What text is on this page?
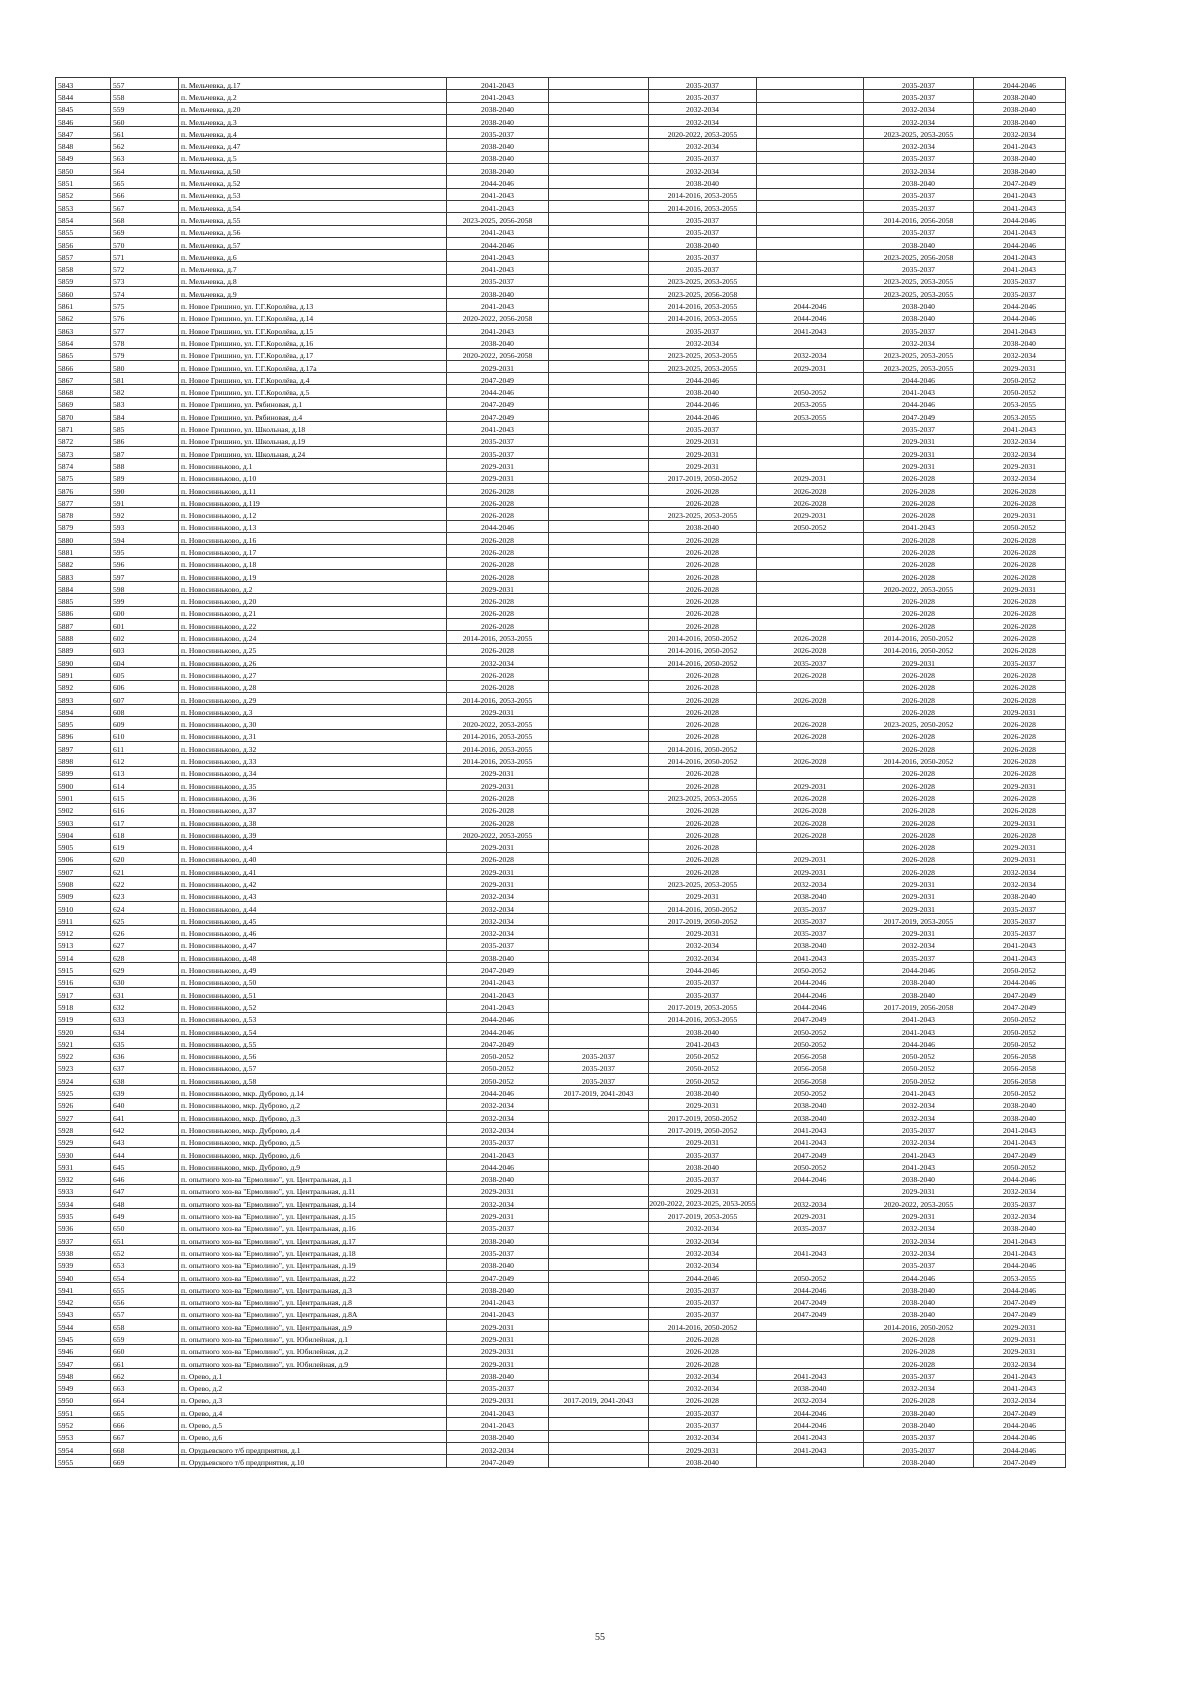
5843	557	п. Мельчевка, д.17	2041-2043		2035-2037		2035-2037	2044-2046
5844	558	п. Мельчевка, д.2	2041-2043		2035-2037		2035-2037	2038-2040
5845	559	п. Мельчевка, д.20	2038-2040		2032-2034		2032-2034	2038-2040
5846	560	п. Мельчевка, д.3	2038-2040		2032-2034		2032-2034	2038-2040
5847	561	п. Мельчевка, д.4	2035-2037		2020-2022, 2053-2055		2023-2025, 2053-2055	2032-2034
5848	562	п. Мельчевка, д.47	2038-2040		2032-2034		2032-2034	2041-2043
5849	563	п. Мельчевка, д.5	2038-2040		2035-2037		2035-2037	2038-2040
5850	564	п. Мельчевка, д.50	2038-2040		2032-2034		2032-2034	2038-2040
5851	565	п. Мельчевка, д.52	2044-2046		2038-2040		2038-2040	2047-2049
5852	566	п. Мельчевка, д.53	2041-2043		2014-2016, 2053-2055		2035-2037	2041-2043
5853	567	п. Мельчевка, д.54	2041-2043		2014-2016, 2053-2055		2035-2037	2041-2043
5854	568	п. Мельчевка, д.55	2023-2025, 2056-2058		2035-2037		2014-2016, 2056-2058	2044-2046
5855	569	п. Мельчевка, д.56	2041-2043		2035-2037		2035-2037	2041-2043
5856	570	п. Мельчевка, д.57	2044-2046		2038-2040		2038-2040	2044-2046
5857	571	п. Мельчевка, д.6	2041-2043		2035-2037		2023-2025, 2056-2058	2041-2043
5858	572	п. Мельчевка, д.7	2041-2043		2035-2037		2035-2037	2041-2043
5859	573	п. Мельчевка, д.8	2035-2037		2023-2025, 2053-2055		2023-2025, 2053-2055	2035-2037
5860	574	п. Мельчевка, д.9	2038-2040		2023-2025, 2056-2058		2023-2025, 2053-2055	2035-2037
5861	575	п. Новое Гришино, ул. Г.Г.Королёва, д.13	2041-2043		2014-2016, 2053-2055	2044-2046	2038-2040	2044-2046
5862	576	п. Новое Гришино, ул. Г.Г.Королёва, д.14	2020-2022, 2056-2058		2014-2016, 2053-2055	2044-2046	2038-2040	2044-2046
5863	577	п. Новое Гришино, ул. Г.Г.Королёва, д.15	2041-2043		2035-2037	2041-2043	2035-2037	2041-2043
5864	578	п. Новое Гришино, ул. Г.Г.Королёва, д.16	2038-2040		2032-2034		2032-2034	2038-2040
5865	579	п. Новое Гришино, ул. Г.Г.Королёва, д.17	2020-2022, 2056-2058		2023-2025, 2053-2055	2032-2034	2023-2025, 2053-2055	2032-2034
5866	580	п. Новое Гришино, ул. Г.Г.Королёва, д.17а	2029-2031		2023-2025, 2053-2055	2029-2031	2023-2025, 2053-2055	2029-2031
5867	581	п. Новое Гришино, ул. Г.Г.Королёва, д.4	2047-2049		2044-2046		2044-2046	2050-2052
5868	582	п. Новое Гришино, ул. Г.Г.Королёва, д.5	2044-2046		2038-2040	2050-2052	2041-2043	2050-2052
5869	583	п. Новое Гришино, ул. Рябиновая, д.1	2047-2049		2044-2046	2053-2055	2044-2046	2053-2055
5870	584	п. Новое Гришино, ул. Рябиновая, д.4	2047-2049		2044-2046	2053-2055	2047-2049	2053-2055
5871	585	п. Новое Гришино, ул. Школьная, д.18	2041-2043		2035-2037		2035-2037	2041-2043
5872	586	п. Новое Гришино, ул. Школьная, д.19	2035-2037		2029-2031		2029-2031	2032-2034
5873	587	п. Новое Гришино, ул. Школьная, д.24	2035-2037		2029-2031		2029-2031	2032-2034
5874	588	п. Новосинньково, д.1	2029-2031		2029-2031		2029-2031	2029-2031
5875	589	п. Новосинньково, д.10	2029-2031		2017-2019, 2050-2052	2029-2031	2026-2028	2032-2034
5876	590	п. Новосинньково, д.11	2026-2028		2026-2028	2026-2028	2026-2028	2026-2028
5877	591	п. Новосинньково, д.119	2026-2028		2026-2028	2026-2028	2026-2028	2026-2028
5878	592	п. Новосинньково, д.12	2026-2028		2023-2025, 2053-2055	2029-2031	2026-2028	2029-2031
5879	593	п. Новосинньково, д.13	2044-2046		2038-2040	2050-2052	2041-2043	2050-2052
5880	594	п. Новосинньково, д.16	2026-2028		2026-2028		2026-2028	2026-2028
5881	595	п. Новосинньково, д.17	2026-2028		2026-2028		2026-2028	2026-2028
5882	596	п. Новосинньково, д.18	2026-2028		2026-2028		2026-2028	2026-2028
5883	597	п. Новосинньково, д.19	2026-2028		2026-2028		2026-2028	2026-2028
5884	598	п. Новосинньково, д.2	2029-2031		2026-2028		2020-2022, 2053-2055	2029-2031
5885	599	п. Новосинньково, д.20	2026-2028		2026-2028		2026-2028	2026-2028
5886	600	п. Новосинньково, д.21	2026-2028		2026-2028		2026-2028	2026-2028
5887	601	п. Новосинньково, д.22	2026-2028		2026-2028		2026-2028	2026-2028
5888	602	п. Новосинньково, д.24	2014-2016, 2053-2055		2014-2016, 2050-2052	2026-2028	2014-2016, 2050-2052	2026-2028
5889	603	п. Новосинньково, д.25	2026-2028		2014-2016, 2050-2052	2026-2028	2014-2016, 2050-2052	2026-2028
5890	604	п. Новосинньково, д.26	2032-2034		2014-2016, 2050-2052	2035-2037	2029-2031	2035-2037
5891	605	п. Новосинньково, д.27	2026-2028		2026-2028	2026-2028	2026-2028	2026-2028
5892	606	п. Новосинньково, д.28	2026-2028		2026-2028		2026-2028	2026-2028
5893	607	п. Новосинньково, д.29	2014-2016, 2053-2055		2026-2028	2026-2028	2026-2028	2026-2028
5894	608	п. Новосинньково, д.3	2029-2031		2026-2028		2026-2028	2029-2031
5895	609	п. Новосинньково, д.30	2020-2022, 2053-2055		2026-2028	2026-2028	2023-2025, 2050-2052	2026-2028
5896	610	п. Новосинньково, д.31	2014-2016, 2053-2055		2026-2028	2026-2028	2026-2028	2026-2028
5897	611	п. Новосинньково, д.32	2014-2016, 2053-2055		2014-2016, 2050-2052		2026-2028	2026-2028
5898	612	п. Новосинньково, д.33	2014-2016, 2053-2055		2014-2016, 2050-2052	2026-2028	2014-2016, 2050-2052	2026-2028
5899	613	п. Новосинньково, д.34	2029-2031		2026-2028		2026-2028	2026-2028
5900	614	п. Новосинньково, д.35	2029-2031		2026-2028	2029-2031	2026-2028	2029-2031
5901	615	п. Новосинньково, д.36	2026-2028		2023-2025, 2053-2055	2026-2028	2026-2028	2026-2028
5902	616	п. Новосинньково, д.37	2026-2028		2026-2028	2026-2028	2026-2028	2026-2028
5903	617	п. Новосинньково, д.38	2026-2028		2026-2028	2026-2028	2026-2028	2029-2031
5904	618	п. Новосинньково, д.39	2020-2022, 2053-2055		2026-2028	2026-2028	2026-2028	2026-2028
5905	619	п. Новосинньково, д.4	2029-2031		2026-2028		2026-2028	2029-2031
5906	620	п. Новосинньково, д.40	2026-2028		2026-2028	2029-2031	2026-2028	2029-2031
5907	621	п. Новосинньково, д.41	2029-2031		2026-2028	2029-2031	2026-2028	2032-2034
5908	622	п. Новосинньково, д.42	2029-2031		2023-2025, 2053-2055	2032-2034	2029-2031	2032-2034
5909	623	п. Новосинньково, д.43	2032-2034		2029-2031	2038-2040	2029-2031	2038-2040
5910	624	п. Новосинньково, д.44	2032-2034		2014-2016, 2050-2052	2035-2037	2029-2031	2035-2037
5911	625	п. Новосинньково, д.45	2032-2034		2017-2019, 2050-2052	2035-2037	2017-2019, 2053-2055	2035-2037
5912	626	п. Новосинньково, д.46	2032-2034		2029-2031	2035-2037	2029-2031	2035-2037
5913	627	п. Новосинньково, д.47	2035-2037		2032-2034	2038-2040	2032-2034	2041-2043
5914	628	п. Новосинньково, д.48	2038-2040		2032-2034	2041-2043	2035-2037	2041-2043
5915	629	п. Новосинньково, д.49	2047-2049		2044-2046	2050-2052	2044-2046	2050-2052
5916	630	п. Новосинньково, д.50	2041-2043		2035-2037	2044-2046	2038-2040	2044-2046
5917	631	п. Новосинньково, д.51	2041-2043		2035-2037	2044-2046	2038-2040	2047-2049
5918	632	п. Новосинньково, д.52	2041-2043		2017-2019, 2053-2055	2044-2046	2017-2019, 2056-2058	2047-2049
5919	633	п. Новосинньково, д.53	2044-2046		2014-2016, 2053-2055	2047-2049	2041-2043	2050-2052
5920	634	п. Новосинньково, д.54	2044-2046		2038-2040	2050-2052	2041-2043	2050-2052
5921	635	п. Новосинньково, д.55	2047-2049		2041-2043	2050-2052	2044-2046	2050-2052
5922	636	п. Новосинньково, д.56	2050-2052	2035-2037	2050-2052	2056-2058	2050-2052	2056-2058
5923	637	п. Новосинньково, д.57	2050-2052	2035-2037	2050-2052	2056-2058	2050-2052	2056-2058
5924	638	п. Новосинньково, д.58	2050-2052	2035-2037	2050-2052	2056-2058	2050-2052	2056-2058
5925	639	п. Новосинньково, мкр. Дуброво, д.14	2044-2046	2017-2019, 2041-2043	2038-2040	2050-2052	2041-2043	2050-2052
5926	640	п. Новосинньково, мкр. Дуброво, д.2	2032-2034		2029-2031	2038-2040	2032-2034	2038-2040
5927	641	п. Новосинньково, мкр. Дуброво, д.3	2032-2034		2017-2019, 2050-2052	2038-2040	2032-2034	2038-2040
5928	642	п. Новосинньково, мкр. Дуброво, д.4	2032-2034		2017-2019, 2050-2052	2041-2043	2035-2037	2041-2043
5929	643	п. Новосинньково, мкр. Дуброво, д.5	2035-2037		2029-2031	2041-2043	2032-2034	2041-2043
5930	644	п. Новосинньково, мкр. Дуброво, д.6	2041-2043		2035-2037	2047-2049	2041-2043	2047-2049
5931	645	п. Новосинньково, мкр. Дуброво, д.9	2044-2046		2038-2040	2050-2052	2041-2043	2050-2052
5932	646	п. опытного хоз-ва "Ермолино", ул. Центральная, д.1	2038-2040		2035-2037	2044-2046	2038-2040	2044-2046
5933	647	п. опытного хоз-ва "Ермолино", ул. Центральная, д.11	2029-2031		2029-2031		2029-2031	2032-2034
5934	648	п. опытного хоз-ва "Ермолино", ул. Центральная, д.14	2032-2034		2020-2022, 2023-2025, 2053-2055	2032-2034	2020-2022, 2053-2055	2035-2037
5935	649	п. опытного хоз-ва "Ермолино", ул. Центральная, д.15	2029-2031		2017-2019, 2053-2055	2029-2031	2029-2031	2032-2034
5936	650	п. опытного хоз-ва "Ермолино", ул. Центральная, д.16	2035-2037		2032-2034	2035-2037	2032-2034	2038-2040
5937	651	п. опытного хоз-ва "Ермолино", ул. Центральная, д.17	2038-2040		2032-2034		2032-2034	2041-2043
5938	652	п. опытного хоз-ва "Ермолино", ул. Центральная, д.18	2035-2037		2032-2034	2041-2043	2032-2034	2041-2043
5939	653	п. опытного хоз-ва "Ермолино", ул. Центральная, д.19	2038-2040		2032-2034		2035-2037	2044-2046
5940	654	п. опытного хоз-ва "Ермолино", ул. Центральная, д.22	2047-2049		2044-2046	2050-2052	2044-2046	2053-2055
5941	655	п. опытного хоз-ва "Ермолино", ул. Центральная, д.3	2038-2040		2035-2037	2044-2046	2038-2040	2044-2046
5942	656	п. опытного хоз-ва "Ермолино", ул. Центральная, д.8	2041-2043		2035-2037	2047-2049	2038-2040	2047-2049
5943	657	п. опытного хоз-ва "Ермолино", ул. Центральная, д.8А	2041-2043		2035-2037	2047-2049	2038-2040	2047-2049
5944	658	п. опытного хоз-ва "Ермолино", ул. Центральная, д.9	2029-2031		2014-2016, 2050-2052		2014-2016, 2050-2052	2029-2031
5945	659	п. опытного хоз-ва "Ермолино", ул. Юбилейная, д.1	2029-2031		2026-2028		2026-2028	2029-2031
5946	660	п. опытного хоз-ва "Ермолино", ул. Юбилейная, д.2	2029-2031		2026-2028		2026-2028	2029-2031
5947	661	п. опытного хоз-ва "Ермолино", ул. Юбилейная, д.9	2029-2031		2026-2028		2026-2028	2032-2034
5948	662	п. Орево, д.1	2038-2040		2032-2034	2041-2043	2035-2037	2041-2043
5949	663	п. Орево, д.2	2035-2037		2032-2034	2038-2040	2032-2034	2041-2043
5950	664	п. Орево, д.3	2029-2031	2017-2019, 2041-2043	2026-2028	2032-2034	2026-2028	2032-2034
5951	665	п. Орево, д.4	2041-2043		2035-2037	2044-2046	2038-2040	2047-2049
5952	666	п. Орево, д.5	2041-2043		2035-2037	2044-2046	2038-2040	2044-2046
5953	667	п. Орево, д.6	2038-2040		2032-2034	2041-2043	2035-2037	2044-2046
5954	668	п. Орудьевского т/б предприятия, д.1	2032-2034		2029-2031	2041-2043	2035-2037	2044-2046
5955	669	п. Орудьевского т/б предприятия, д.10	2047-2049		2038-2040		2038-2040	2047-2049
55
